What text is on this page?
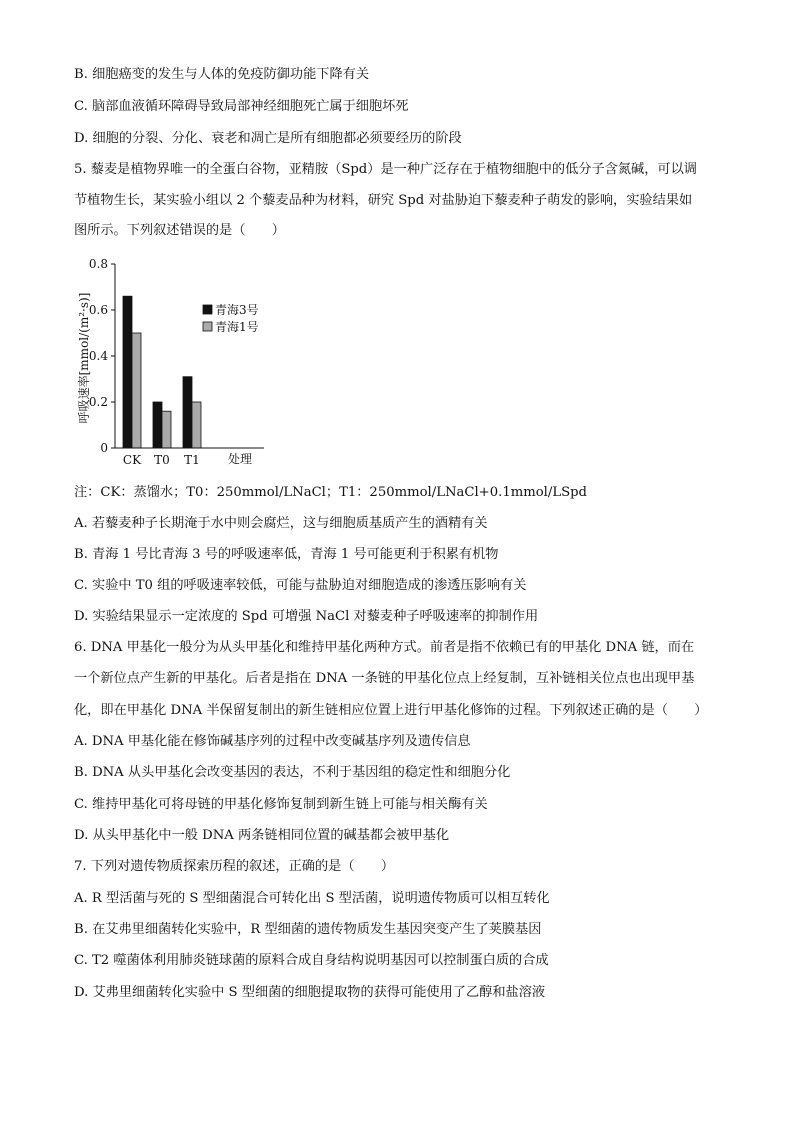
B. 细胞癌变的发生与人体的免疫防御功能下降有关
C. 脑部血液循环障碍导致局部神经细胞死亡属于细胞坏死
D. 细胞的分裂、分化、衰老和凋亡是所有细胞都必须要经历的阶段
5. 藜麦是植物界唯一的全蛋白谷物，亚精胺（Spd）是一种广泛存在于植物细胞中的低分子含氮碱，可以调
节植物生长，某实验小组以 2 个藜麦品种为材料，研究 Spd 对盐胁迫下藜麦种子萌发的影响，实验结果如
图所示。下列叙述错误的是（　　）
0
0.2
0.4
0.6
0.8
CK T0 T1
呼吸速率[mmol/(m²·s)]
处理
青海3号
青海1号
注：CK：蒸馏水；T0：250mmol/LNaCl；T1：250mmol/LNaCl+0.1mmol/LSpd
A. 若藜麦种子长期淹于水中则会腐烂，这与细胞质基质产生的酒精有关
B. 青海 1 号比青海 3 号的呼吸速率低，青海 1 号可能更利于积累有机物
C. 实验中 T0 组的呼吸速率较低，可能与盐胁迫对细胞造成的渗透压影响有关
D. 实验结果显示一定浓度的 Spd 可增强 NaCl 对藜麦种子呼吸速率的抑制作用
6. DNA 甲基化一般分为从头甲基化和维持甲基化两种方式。前者是指不依赖已有的甲基化 DNA 链，而在
一个新位点产生新的甲基化。后者是指在 DNA 一条链的甲基化位点上经复制，互补链相关位点也出现甲基
化，即在甲基化 DNA 半保留复制出的新生链相应位置上进行甲基化修饰的过程。下列叙述正确的是（　　）
A. DNA 甲基化能在修饰碱基序列的过程中改变碱基序列及遗传信息
B. DNA 从头甲基化会改变基因的表达，不利于基因组的稳定性和细胞分化
C. 维持甲基化可将母链的甲基化修饰复制到新生链上可能与相关酶有关
D. 从头甲基化中一般 DNA 两条链相同位置的碱基都会被甲基化
7. 下列对遗传物质探索历程的叙述，正确的是（　　）
A. R 型活菌与死的 S 型细菌混合可转化出 S 型活菌，说明遗传物质可以相互转化
B. 在艾弗里细菌转化实验中，R 型细菌的遗传物质发生基因突变产生了荚膜基因
C. T2 噬菌体利用肺炎链球菌的原料合成自身结构说明基因可以控制蛋白质的合成
D. 艾弗里细菌转化实验中 S 型细菌的细胞提取物的获得可能使用了乙醇和盐溶液
